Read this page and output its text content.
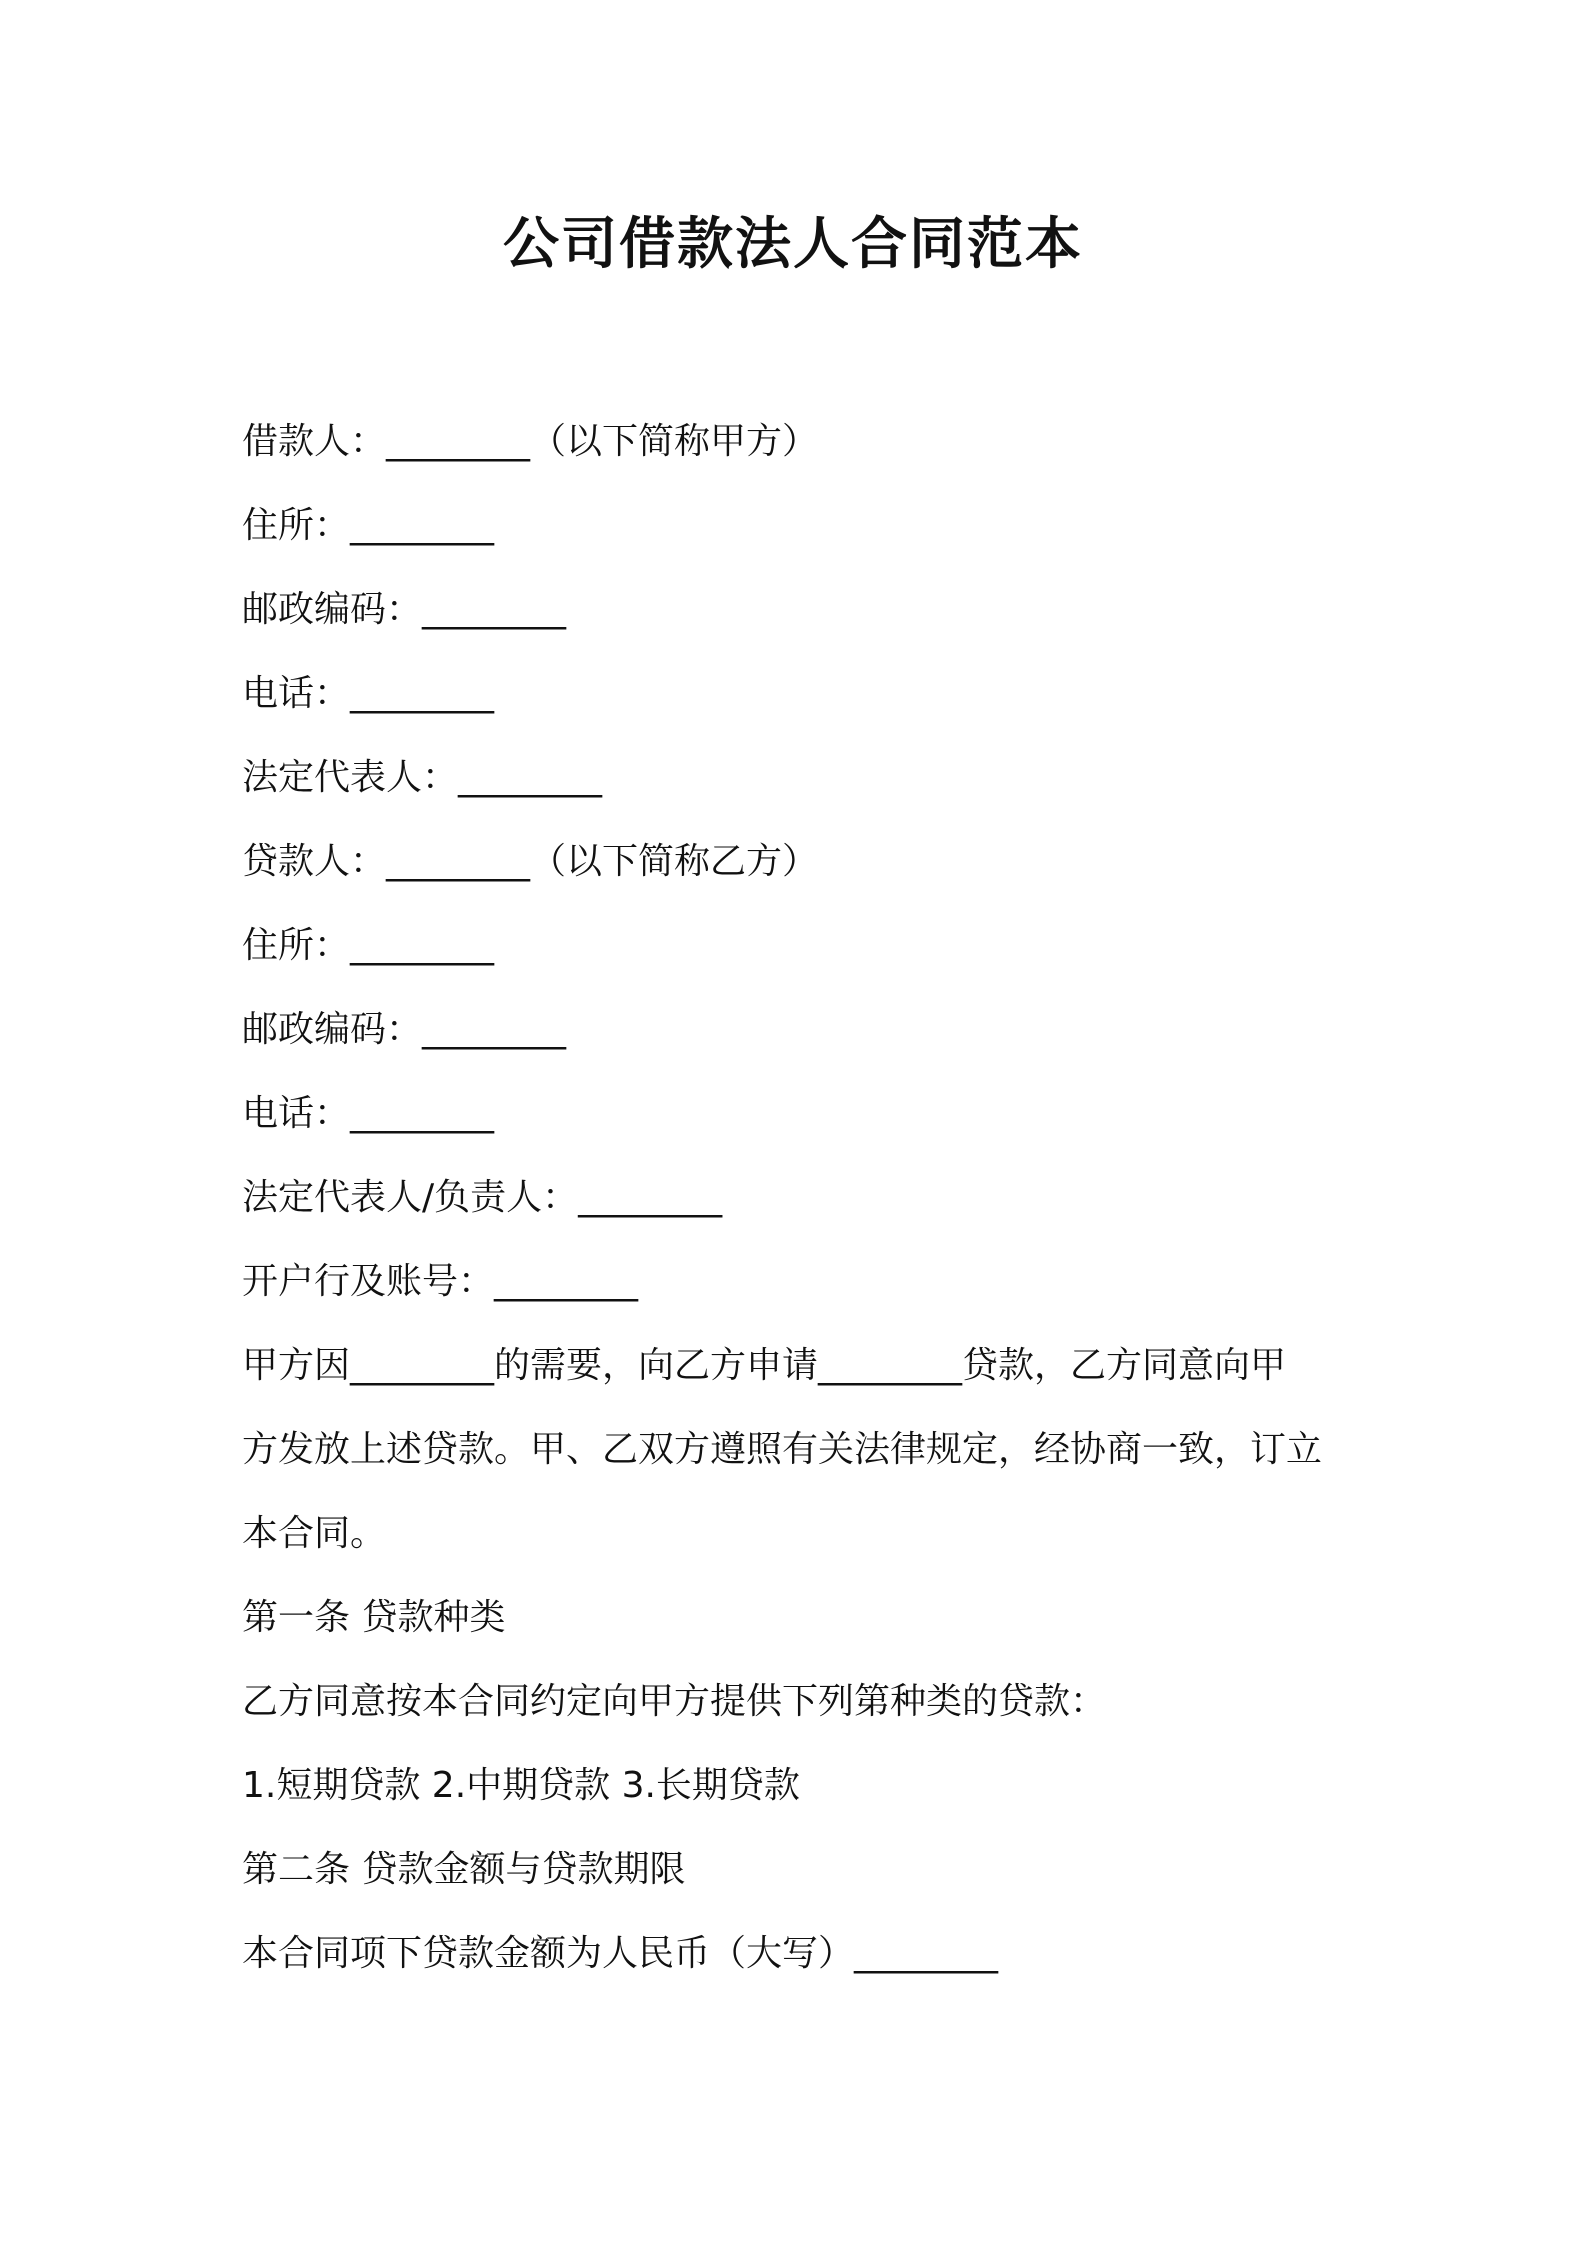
公司借款法人合同范本
借款人：________（以下简称甲方）
住所：________
邮政编码：________
电话：________
法定代表人：________
贷款人：________（以下简称乙方）
住所：________
邮政编码：________
电话：________
法定代表人/负责人：________
开户行及账号：________
甲方因________的需要，向乙方申请________贷款，乙方同意向甲
方发放上述贷款。甲、乙双方遵照有关法律规定，经协商一致，订立
本合同。
第一条 贷款种类
乙方同意按本合同约定向甲方提供下列第种类的贷款：
1.短期贷款 2.中期贷款 3.长期贷款
第二条 贷款金额与贷款期限
本合同项下贷款金额为人民币（大写）________
